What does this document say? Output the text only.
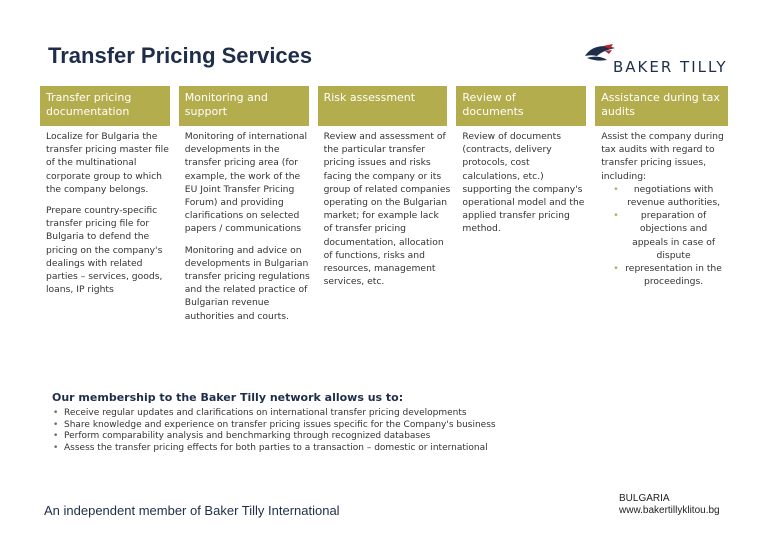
Transfer Pricing Services	BAKER TILLY
Transfer pricing documentation

Localize for Bulgaria the transfer pricing master file of the multinational corporate group to which the company belongs.

Prepare country-specific transfer pricing file for Bulgaria to defend the pricing on the company's dealings with related parties – services, goods, loans, IP rights

Monitoring and support

Monitoring of international developments in the transfer pricing area (for example, the work of the EU Joint Transfer Pricing Forum) and providing clarifications on selected papers / communications

Monitoring and advice on developments in Bulgarian transfer pricing regulations and the related practice of Bulgarian revenue authorities and courts.

Risk assessment

Review and assessment of the particular transfer pricing issues and risks facing the company or its group of related companies operating on the Bulgarian market; for example lack of transfer pricing documentation, allocation of functions, risks and resources, management services, etc.

Review of documents

Review of documents (contracts, delivery protocols, cost calculations, etc.) supporting the company's operational model and the applied transfer pricing method.

Assistance during tax audits

Assist the company during tax audits with regard to transfer pricing issues, including:

• negotiations with revenue authorities,
• preparation of objections and appeals in case of dispute
• representation in the proceedings.
Our membership to the Baker Tilly network allows us to:
• Receive regular updates and clarifications on international transfer pricing developments
• Share knowledge and experience on transfer pricing issues specific for the Company's business
• Perform comparability analysis and benchmarking through recognized databases
• Assess the transfer pricing effects for both parties to a transaction – domestic or international
An independent member of Baker Tilly International
BULGARIA
www.bakertillyklitou.bg
